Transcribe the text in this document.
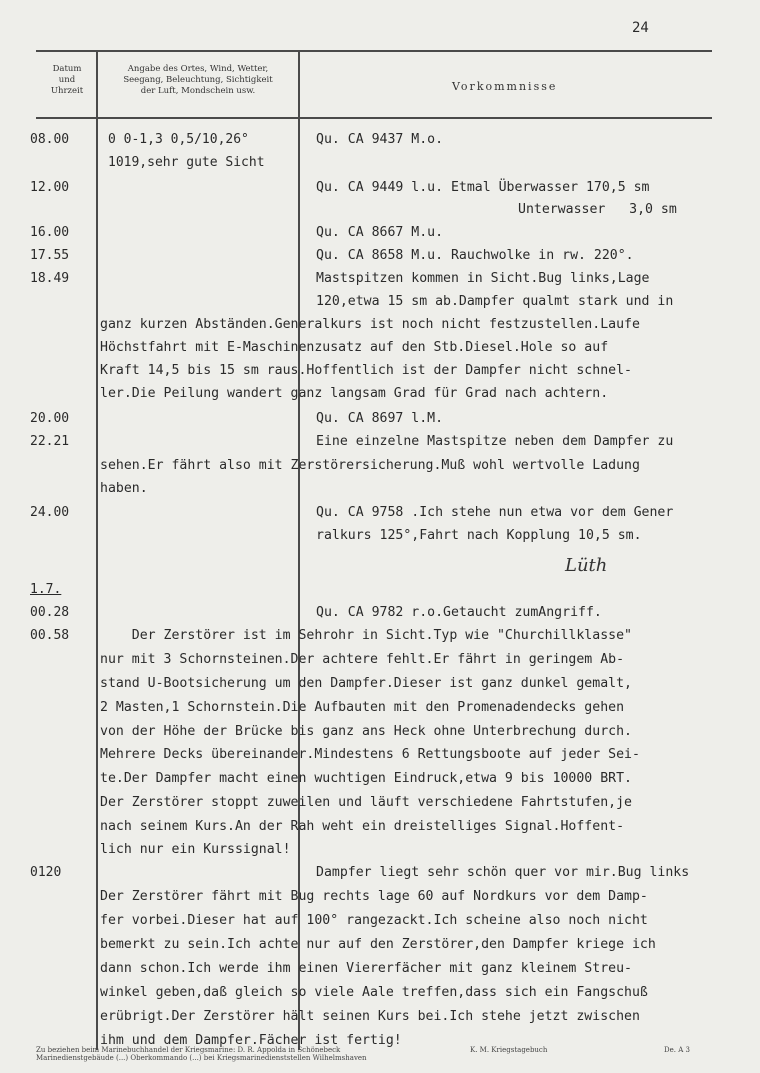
24
Datum
und
Uhrzeit
Angabe des Ortes, Wind, Wetter,
Seegang, Beleuchtung, Sichtigkeit
der Luft, Mondschein usw.	Vorkommnisse
08.00
12.00
16.00
17.55
18.49
20.00
22.21
24.00
1.7.
00.28
00.58
0120
0 0-1,3 0,5/10,26°
1019,sehr gute Sicht
Qu. CA 9437 M.o.
Qu. CA 9449 l.u. Etmal Überwasser 170,5 sm
Unterwasser   3,0 sm
Qu. CA 8667 M.u.
Qu. CA 8658 M.u. Rauchwolke in rw. 220°.
Mastspitzen kommen in Sicht.Bug links,Lage
120,etwa 15 sm ab.Dampfer qualmt stark und in
ganz kurzen Abständen.Generalkurs ist noch nicht festzustellen.Laufe
Höchstfahrt mit E-Maschinenzusatz auf den Stb.Diesel.Hole so auf
Kraft 14,5 bis 15 sm raus.Hoffentlich ist der Dampfer nicht schnel-
ler.Die Peilung wandert ganz langsam Grad für Grad nach achtern.
Qu. CA 8697 l.M.
Eine einzelne Mastspitze neben dem Dampfer zu
sehen.Er fährt also mit Zerstörersicherung.Muß wohl wertvolle Ladung
haben.
Qu. CA 9758 .Ich stehe nun etwa vor dem Gener
ralkurs 125°,Fahrt nach Kopplung 10,5 sm.
Qu. CA 9782 r.o.Getaucht zumAngriff.
Der Zerstörer ist im Sehrohr in Sicht.Typ wie "Churchillklasse"
nur mit 3 Schornsteinen.Der achtere fehlt.Er fährt in geringem Ab-
stand U-Bootsicherung um den Dampfer.Dieser ist ganz dunkel gemalt,
2 Masten,1 Schornstein.Die Aufbauten mit den Promenadendecks gehen
von der Höhe der Brücke bis ganz ans Heck ohne Unterbrechung durch.
Mehrere Decks übereinander.Mindestens 6 Rettungsboote auf jeder Sei-
te.Der Dampfer macht einen wuchtigen Eindruck,etwa 9 bis 10000 BRT.
Der Zerstörer stoppt zuweilen und läuft verschiedene Fahrtstufen,je
nach seinem Kurs.An der Rah weht ein dreistelliges Signal.Hoffent-
lich nur ein Kurssignal!
Dampfer liegt sehr schön quer vor mir.Bug links
Der Zerstörer fährt mit Bug rechts lage 60 auf Nordkurs vor dem Damp-
fer vorbei.Dieser hat auf 100° rangezackt.Ich scheine also noch nicht
bemerkt zu sein.Ich achte nur auf den Zerstörer,den Dampfer kriege ich
dann schon.Ich werde ihm einen Viererfächer mit ganz kleinem Streu-
winkel geben,daß gleich so viele Aale treffen,dass sich ein Fangschuß
erübrigt.Der Zerstörer hält seinen Kurs bei.Ich stehe jetzt zwischen
ihm und dem Dampfer.Fächer ist fertig!
Lüth
Zu beziehen beim Marinebuchhandel der Kriegsmarine: D. R. Appolda in Schönebeck
Marinedienstgebäude (...) Oberkommando (...) bei Kriegsmarinedienststellen Wilhelmshaven
K. M. Kriegstagebuch	De. A 3
